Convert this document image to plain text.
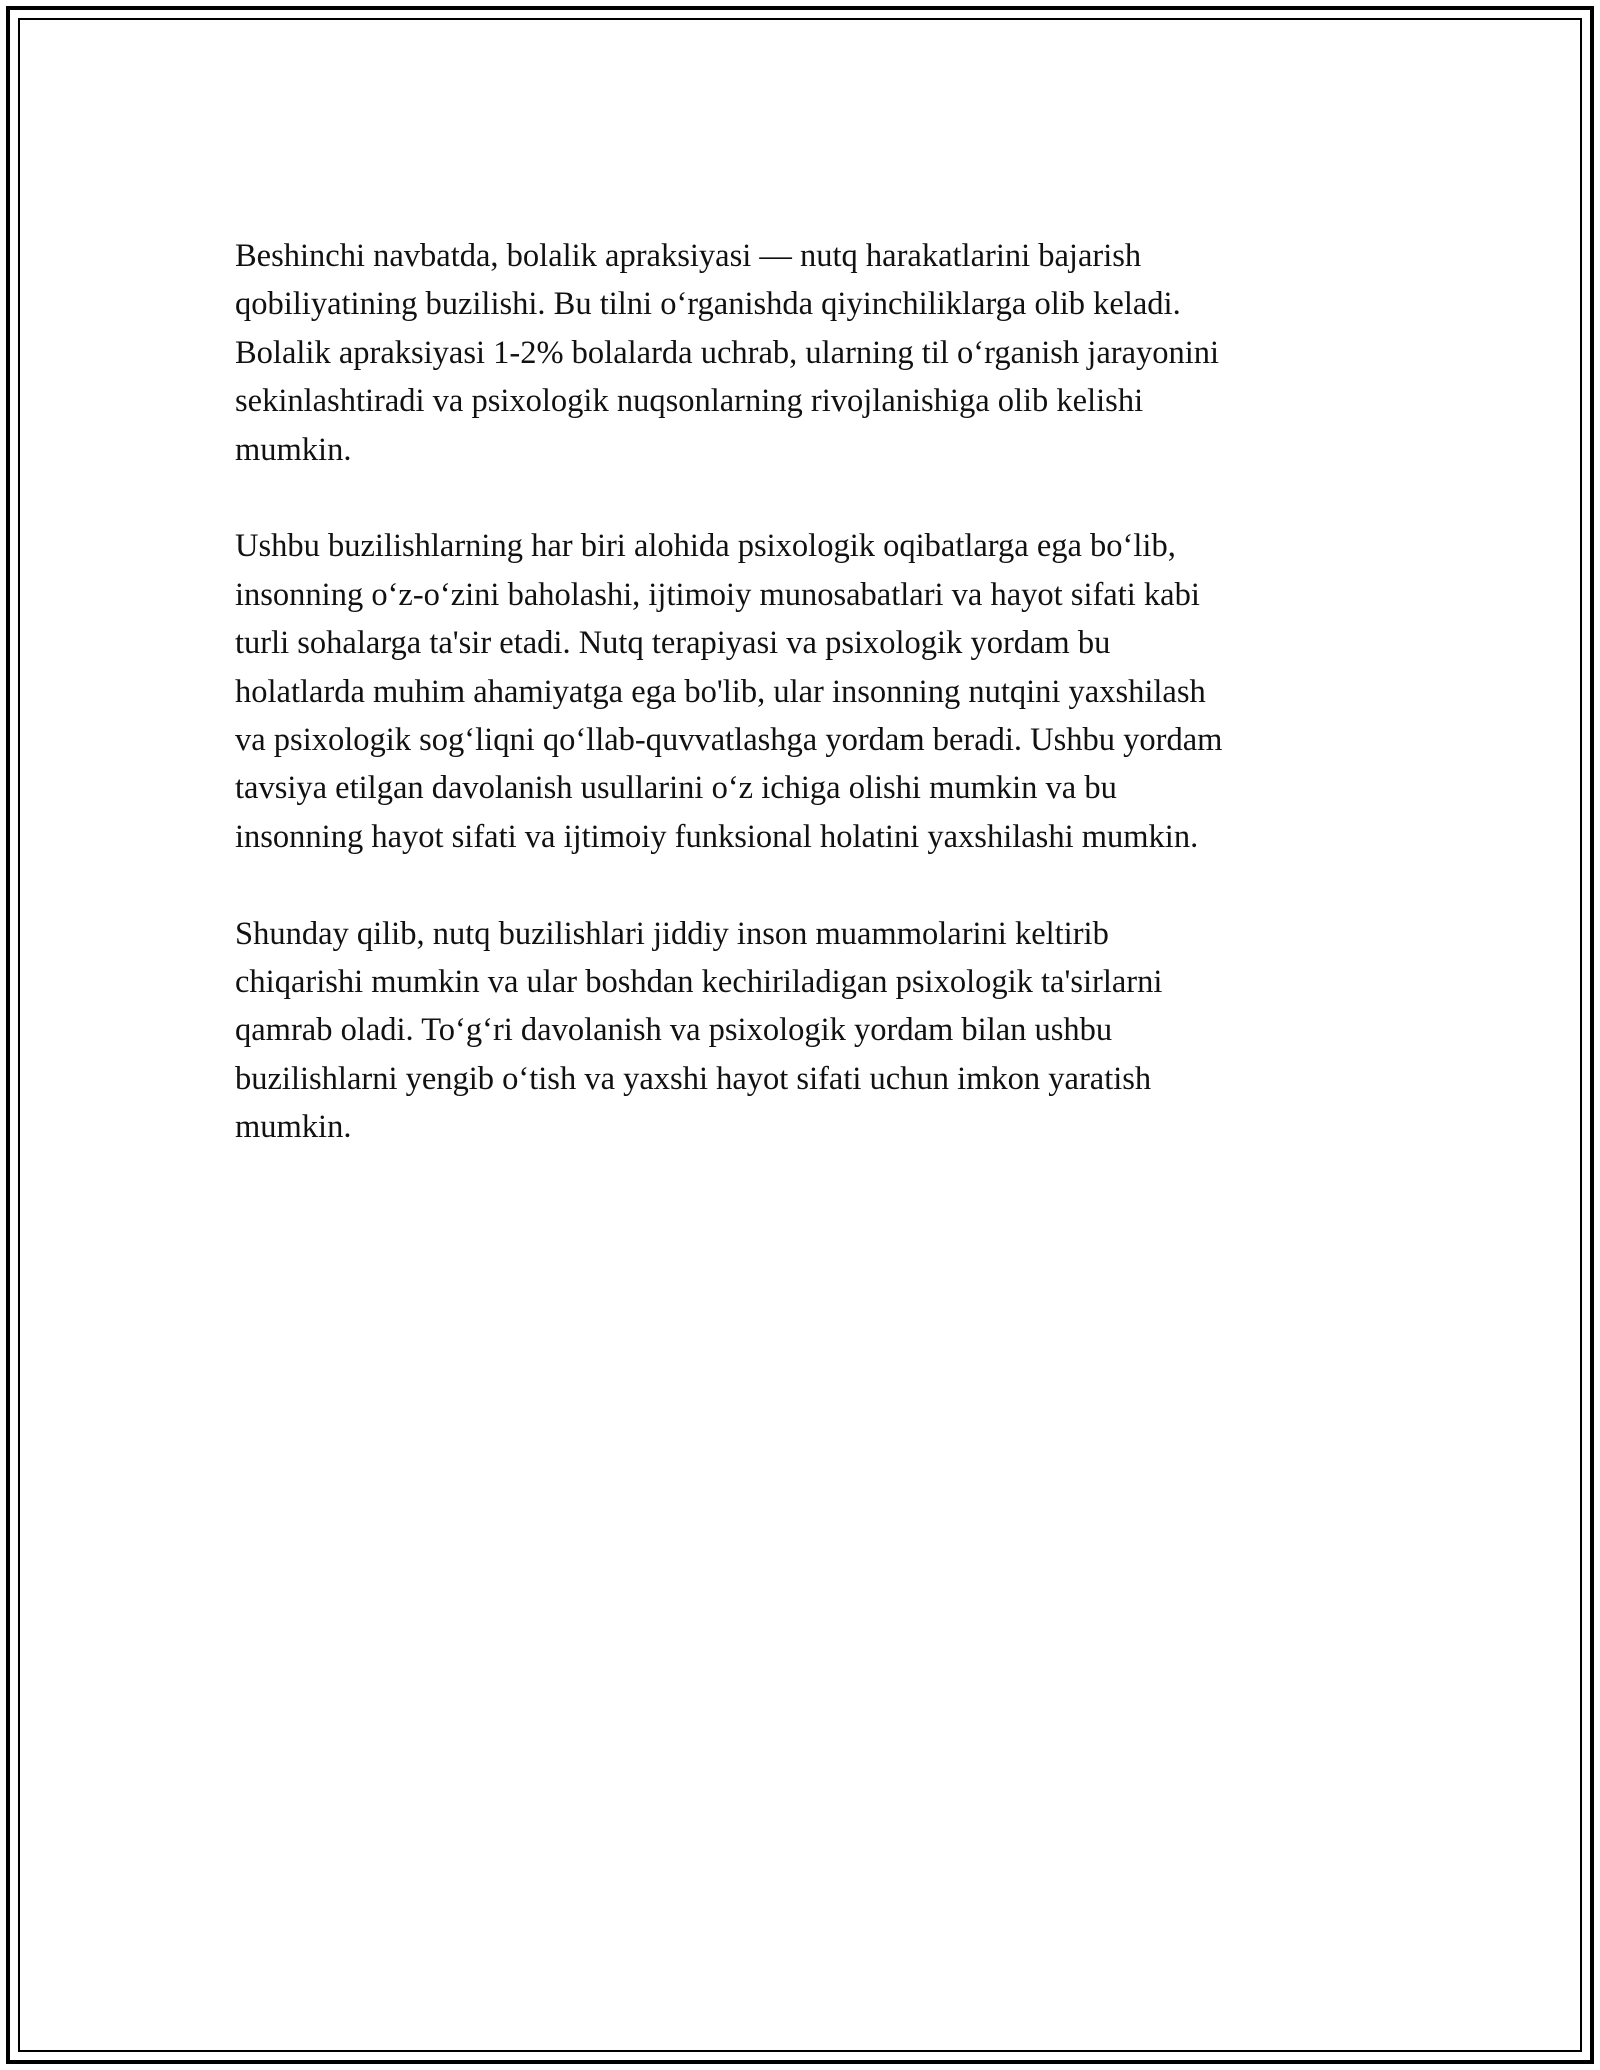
Beshinchi navbatda, bolalik apraksiyasi — nutq harakatlarini bajarish
qobiliyatining buzilishi. Bu tilni o‘rganishda qiyinchiliklarga olib keladi.
Bolalik apraksiyasi 1-2% bolalarda uchrab, ularning til o‘rganish jarayonini
sekinlashtiradi va psixologik nuqsonlarning rivojlanishiga olib kelishi
mumkin.

Ushbu buzilishlarning har biri alohida psixologik oqibatlarga ega bo‘lib,
insonning o‘z-o‘zini baholashi, ijtimoiy munosabatlari va hayot sifati kabi
turli sohalarga ta'sir etadi. Nutq terapiyasi va psixologik yordam bu
holatlarda muhim ahamiyatga ega bo'lib, ular insonning nutqini yaxshilash
va psixologik sog‘liqni qo‘llab-quvvatlashga yordam beradi. Ushbu yordam
tavsiya etilgan davolanish usullarini o‘z ichiga olishi mumkin va bu
insonning hayot sifati va ijtimoiy funksional holatini yaxshilashi mumkin.

Shunday qilib, nutq buzilishlari jiddiy inson muammolarini keltirib
chiqarishi mumkin va ular boshdan kechiriladigan psixologik ta'sirlarni
qamrab oladi. To‘g‘ri davolanish va psixologik yordam bilan ushbu
buzilishlarni yengib o‘tish va yaxshi hayot sifati uchun imkon yaratish
mumkin.
